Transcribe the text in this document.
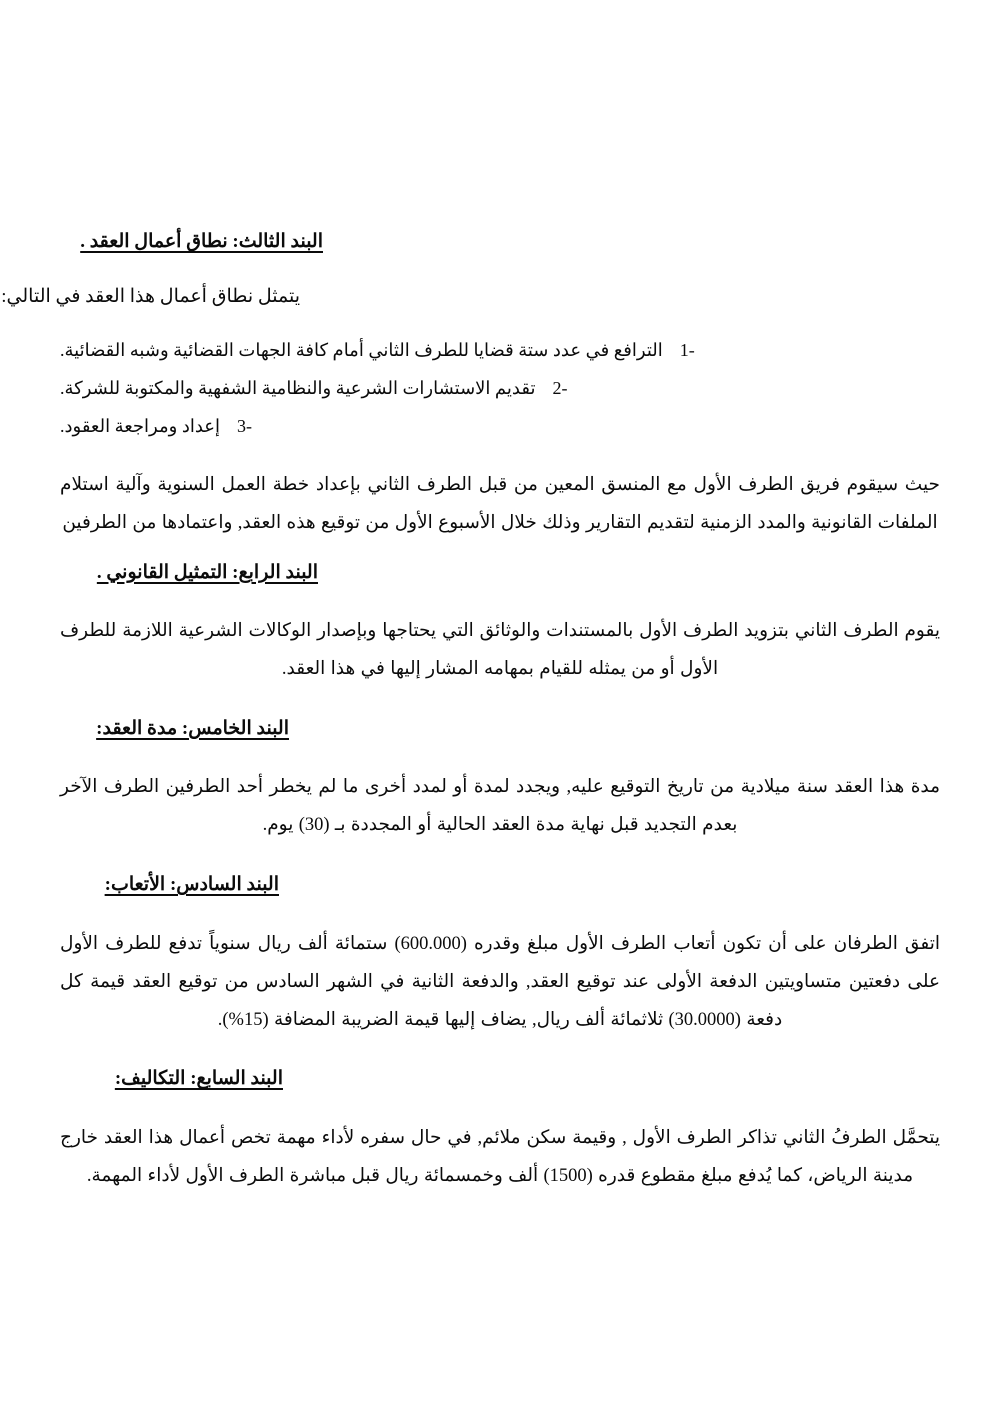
البند الثالث: نطاق أعمال العقد .

يتمثل نطاق أعمال هذا العقد في التالي:

1-
الترافع في عدد ستة قضايا للطرف الثاني أمام كافة الجهات القضائية وشبه القضائية.
2-
تقديم الاستشارات الشرعية والنظامية الشفهية والمكتوبة للشركة.
3-
إعداد ومراجعة العقود.

حيث سيقوم فريق الطرف الأول مع المنسق المعين من قبل الطرف الثاني بإعداد خطة العمل السنوية وآلية استلام الملفات القانونية والمدد الزمنية لتقديم التقارير وذلك خلال الأسبوع الأول من توقيع هذه العقد, واعتمادها من الطرفين

البند الرابع: التمثيل القانوني .

يقوم الطرف الثاني بتزويد الطرف الأول بالمستندات والوثائق التي يحتاجها وبإصدار الوكالات الشرعية اللازمة للطرف الأول أو من يمثله للقيام بمهامه المشار إليها في هذا العقد.

البند الخامس: مدة العقد:

مدة هذا العقد سنة ميلادية من تاريخ التوقيع عليه, ويجدد لمدة أو لمدد أخرى ما لم يخطر أحد الطرفين الطرف الآخر بعدم التجديد قبل نهاية مدة العقد الحالية أو المجددة بـ (30) يوم.

البند السادس: الأتعاب:

اتفق الطرفان على أن تكون أتعاب الطرف الأول مبلغ وقدره (600.000) ستمائة ألف ريال سنوياً تدفع للطرف الأول على دفعتين متساويتين الدفعة الأولى عند توقيع العقد, والدفعة الثانية في الشهر السادس من توقيع العقد قيمة كل دفعة (30.0000) ثلاثمائة ألف ريال, يضاف إليها قيمة الضريبة المضافة (15%).

البند السابع: التكاليف:

يتحمَّل الطرفُ الثاني تذاكر الطرف الأول , وقيمة سكن ملائم, في حال سفره لأداء مهمة تخص أعمال هذا العقد خارج مدينة الرياض، كما يُدفع مبلغ مقطوع قدره (1500) ألف وخمسمائة ريال قبل مباشرة الطرف الأول لأداء المهمة.
